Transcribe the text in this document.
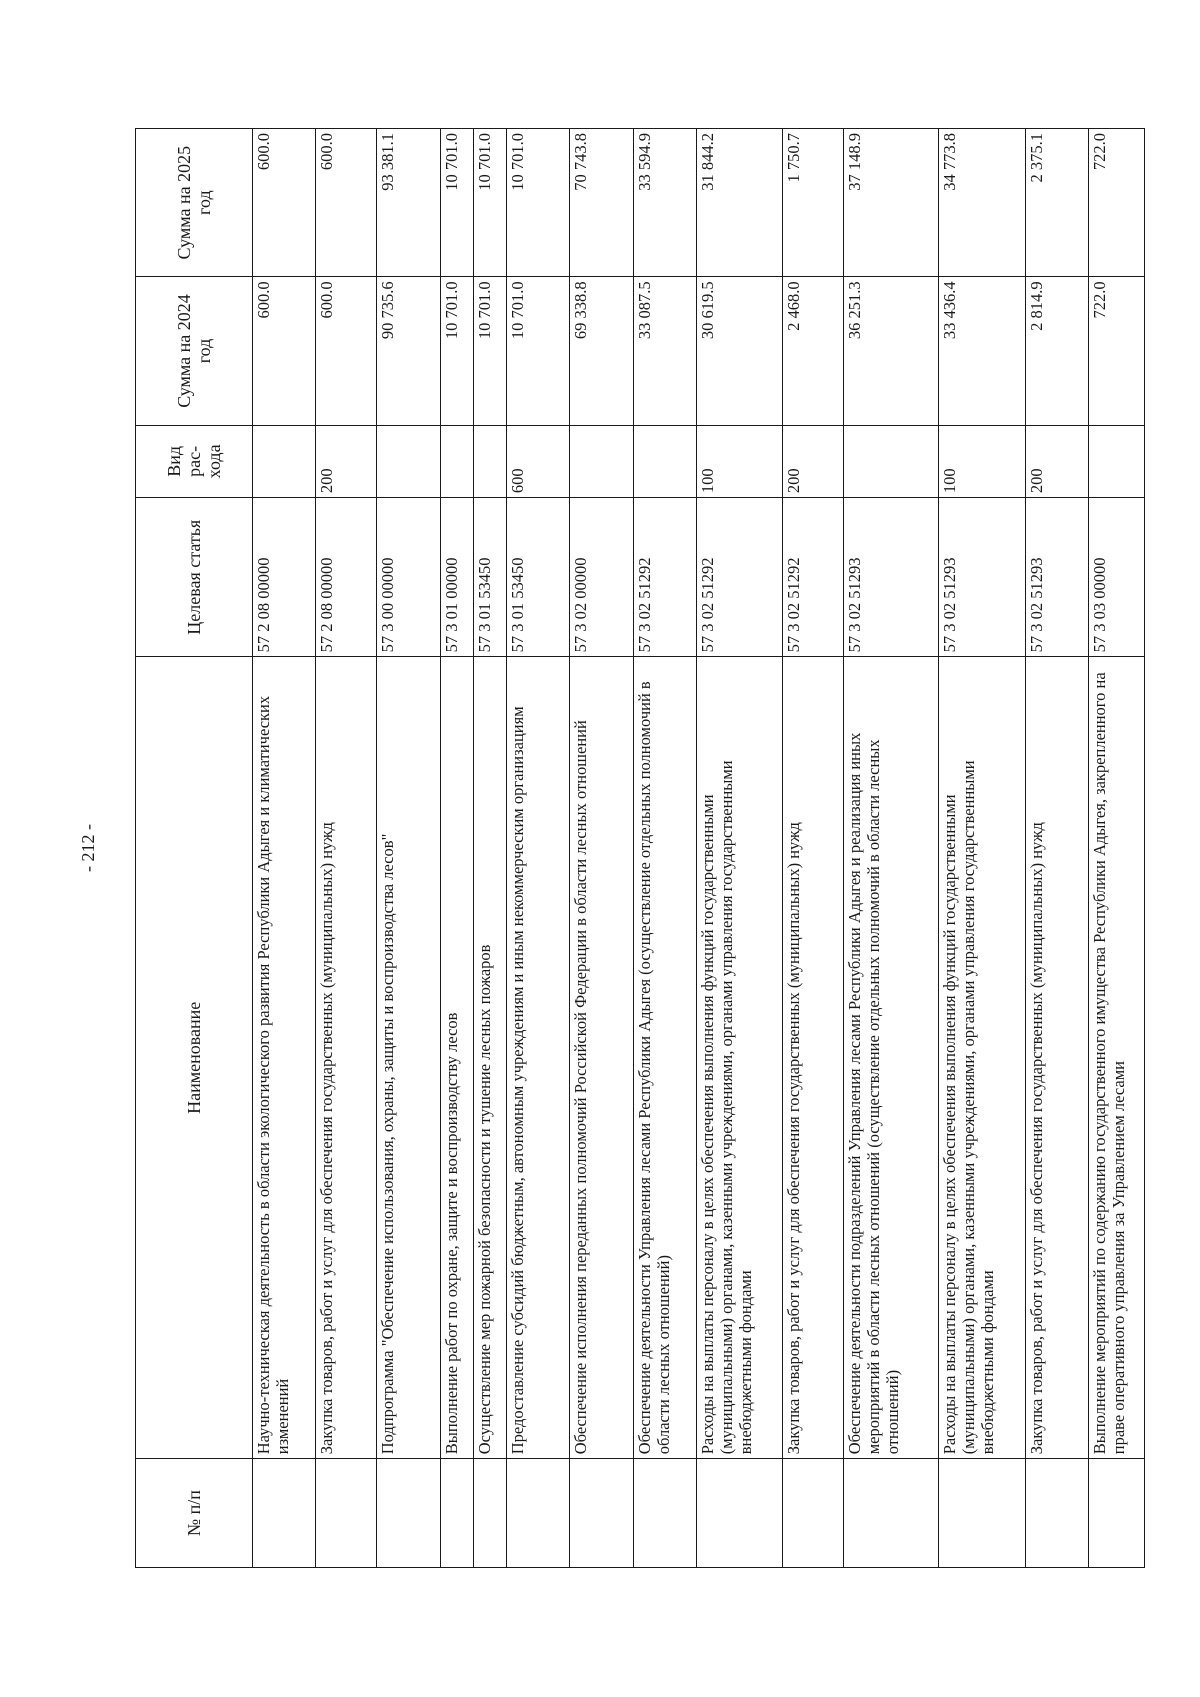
- 212 -
№ п/п	Наименование	Целевая статья	Вид рас-хода	Сумма на 2024 год	Сумма на 2025 год
	Научно-техническая деятельность в области экологического развития Республики Адыгея и климатических изменений	57 2 08 00000		600.0	600.0
	Закупка товаров, работ и услуг для обеспечения государственных (муниципальных) нужд	57 2 08 00000	200	600.0	600.0
	Подпрограмма "Обеспечение использования, охраны, защиты и воспроизводства лесов"	57 3 00 00000		90 735.6	93 381.1
	Выполнение работ по охране, защите и воспроизводству лесов	57 3 01 00000		10 701.0	10 701.0
	Осуществление мер пожарной безопасности и тушение лесных пожаров	57 3 01 53450		10 701.0	10 701.0
	Предоставление субсидий бюджетным, автономным учреждениям и иным некоммерческим организациям	57 3 01 53450	600	10 701.0	10 701.0
	Обеспечение исполнения переданных полномочий Российской Федерации в области лесных отношений	57 3 02 00000		69 338.8	70 743.8
	Обеспечение деятельности Управления лесами Республики Адыгея (осуществление отдельных полномочий в области лесных отношений)	57 3 02 51292		33 087.5	33 594.9
	Расходы на выплаты персоналу в целях обеспечения выполнения функций государственными (муниципальными) органами, казенными учреждениями, органами управления государственными внебюджетными фондами	57 3 02 51292	100	30 619.5	31 844.2
	Закупка товаров, работ и услуг для обеспечения государственных (муниципальных) нужд	57 3 02 51292	200	2 468.0	1 750.7
	Обеспечение деятельности подразделений Управления лесами Республики Адыгея и реализация иных мероприятий в области лесных отношений (осуществление отдельных полномочий в области лесных отношений)	57 3 02 51293		36 251.3	37 148.9
	Расходы на выплаты персоналу в целях обеспечения выполнения функций государственными (муниципальными) органами, казенными учреждениями, органами управления государственными внебюджетными фондами	57 3 02 51293	100	33 436.4	34 773.8
	Закупка товаров, работ и услуг для обеспечения государственных (муниципальных) нужд	57 3 02 51293	200	2 814.9	2 375.1
	Выполнение мероприятий по содержанию государственного имущества Республики Адыгея, закрепленного на праве оперативного управления за Управлением лесами	57 3 03 00000		722.0	722.0
